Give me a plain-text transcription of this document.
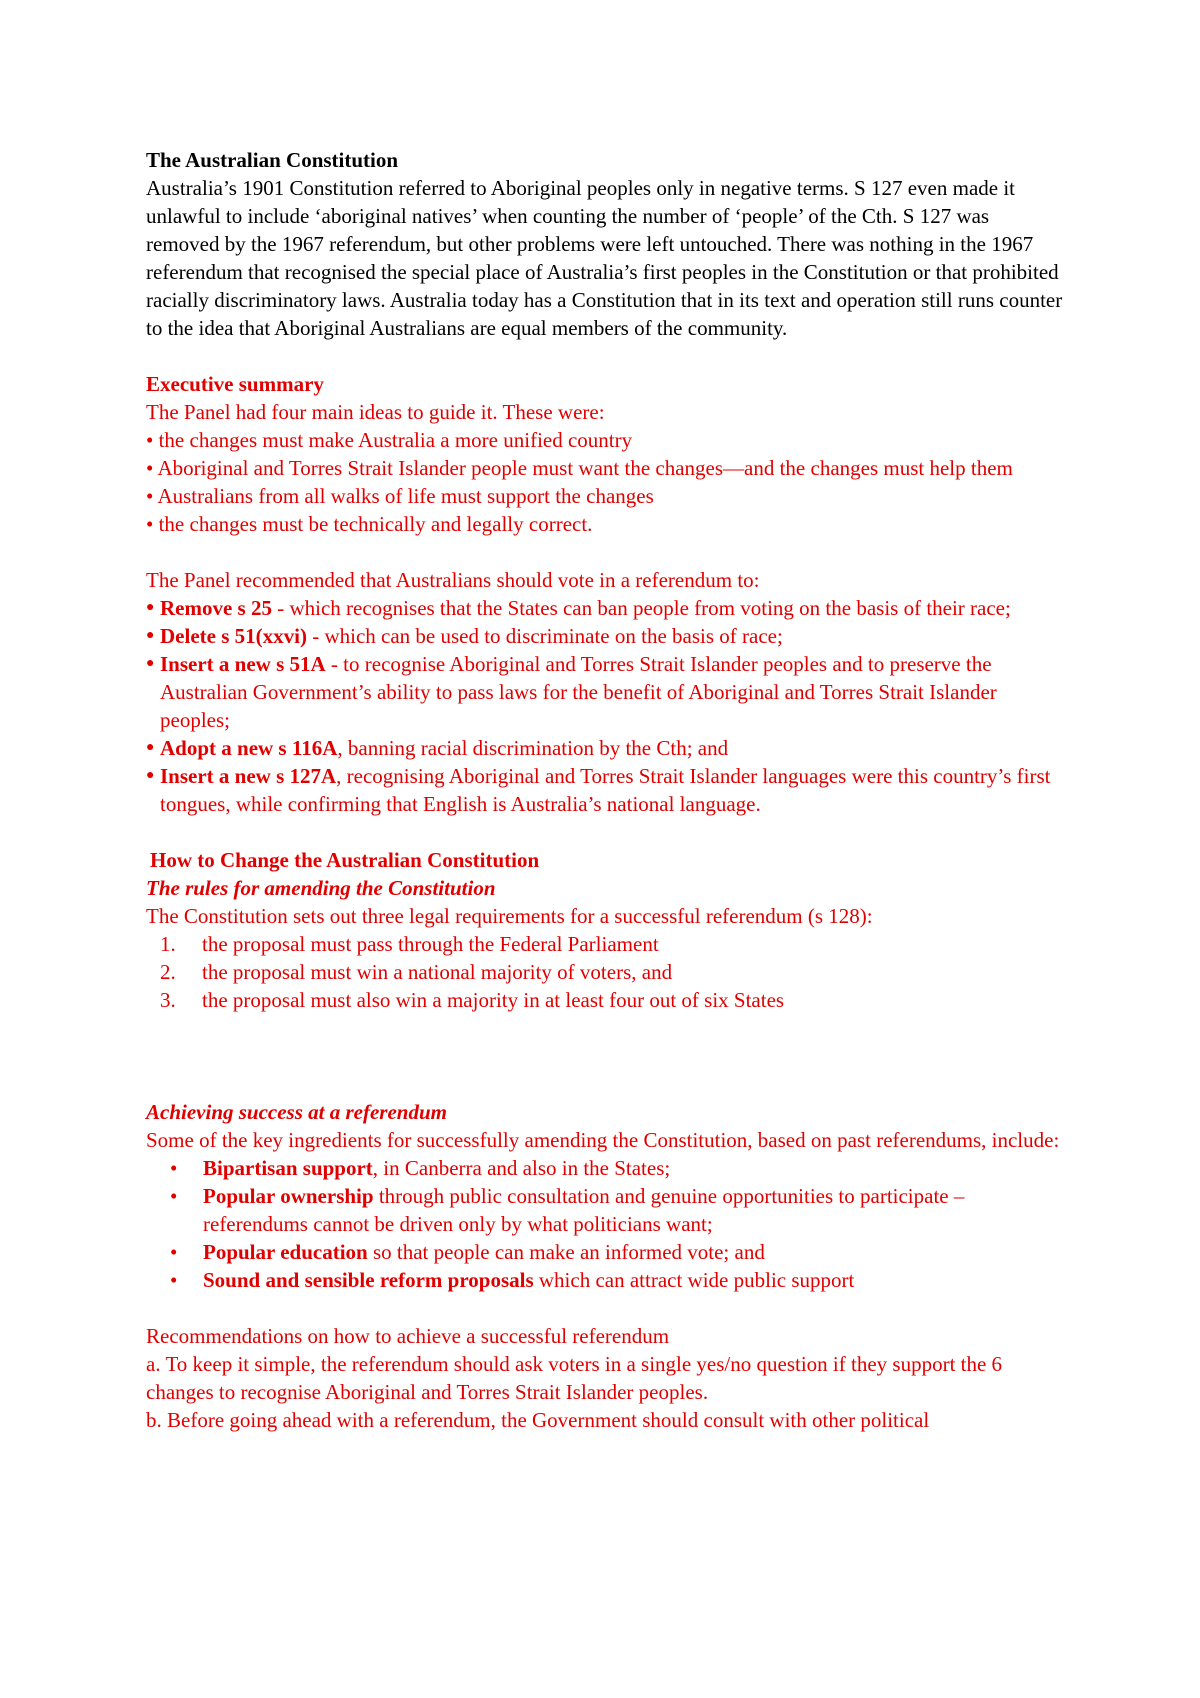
The Australian Constitution

Australia’s 1901 Constitution referred to Aboriginal peoples only in negative terms. S 127 even made it unlawful to include ‘aboriginal natives’ when counting the number of ‘people’ of the Cth. S 127 was removed by the 1967 referendum, but other problems were left untouched. There was nothing in the 1967 referendum that recognised the special place of Australia’s first peoples in the Constitution or that prohibited racially discriminatory laws. Australia today has a Constitution that in its text and operation still runs counter to the idea that Aboriginal Australians are equal members of the community.

Executive summary

The Panel had four main ideas to guide it. These were:

• the changes must make Australia a more unified country

• Aboriginal and Torres Strait Islander people must want the changes—and the changes must help them

• Australians from all walks of life must support the changes

• the changes must be technically and legally correct.

The Panel recommended that Australians should vote in a referendum to:

● Remove s 25 - which recognises that the States can ban people from voting on the basis of their race;
● Delete s 51(xxvi) - which can be used to discriminate on the basis of race;
● Insert a new s 51A - to recognise Aboriginal and Torres Strait Islander peoples and to preserve the Australian Government’s ability to pass laws for the benefit of Aboriginal and Torres Strait Islander peoples;
● Adopt a new s 116A, banning racial discrimination by the Cth; and
● Insert a new s 127A, recognising Aboriginal and Torres Strait Islander languages were this country’s first tongues, while confirming that English is Australia’s national language.
How to Change the Australian Constitution
The rules for amending the Constitution

The Constitution sets out three legal requirements for a successful referendum (s 128):

1. the proposal must pass through the Federal Parliament
2. the proposal must win a national majority of voters, and
3. the proposal must also win a majority in at least four out of six States
Achieving success at a referendum

Some of the key ingredients for successfully amending the Constitution, based on past referendums, include:

• Bipartisan support, in Canberra and also in the States;
• Popular ownership through public consultation and genuine opportunities to participate – referendums cannot be driven only by what politicians want;
• Popular education so that people can make an informed vote; and
• Sound and sensible reform proposals which can attract wide public support

Recommendations on how to achieve a successful referendum

a. To keep it simple, the referendum should ask voters in a single yes/no question if they support the 6 changes to recognise Aboriginal and Torres Strait Islander peoples.

b. Before going ahead with a referendum, the Government should consult with other political
